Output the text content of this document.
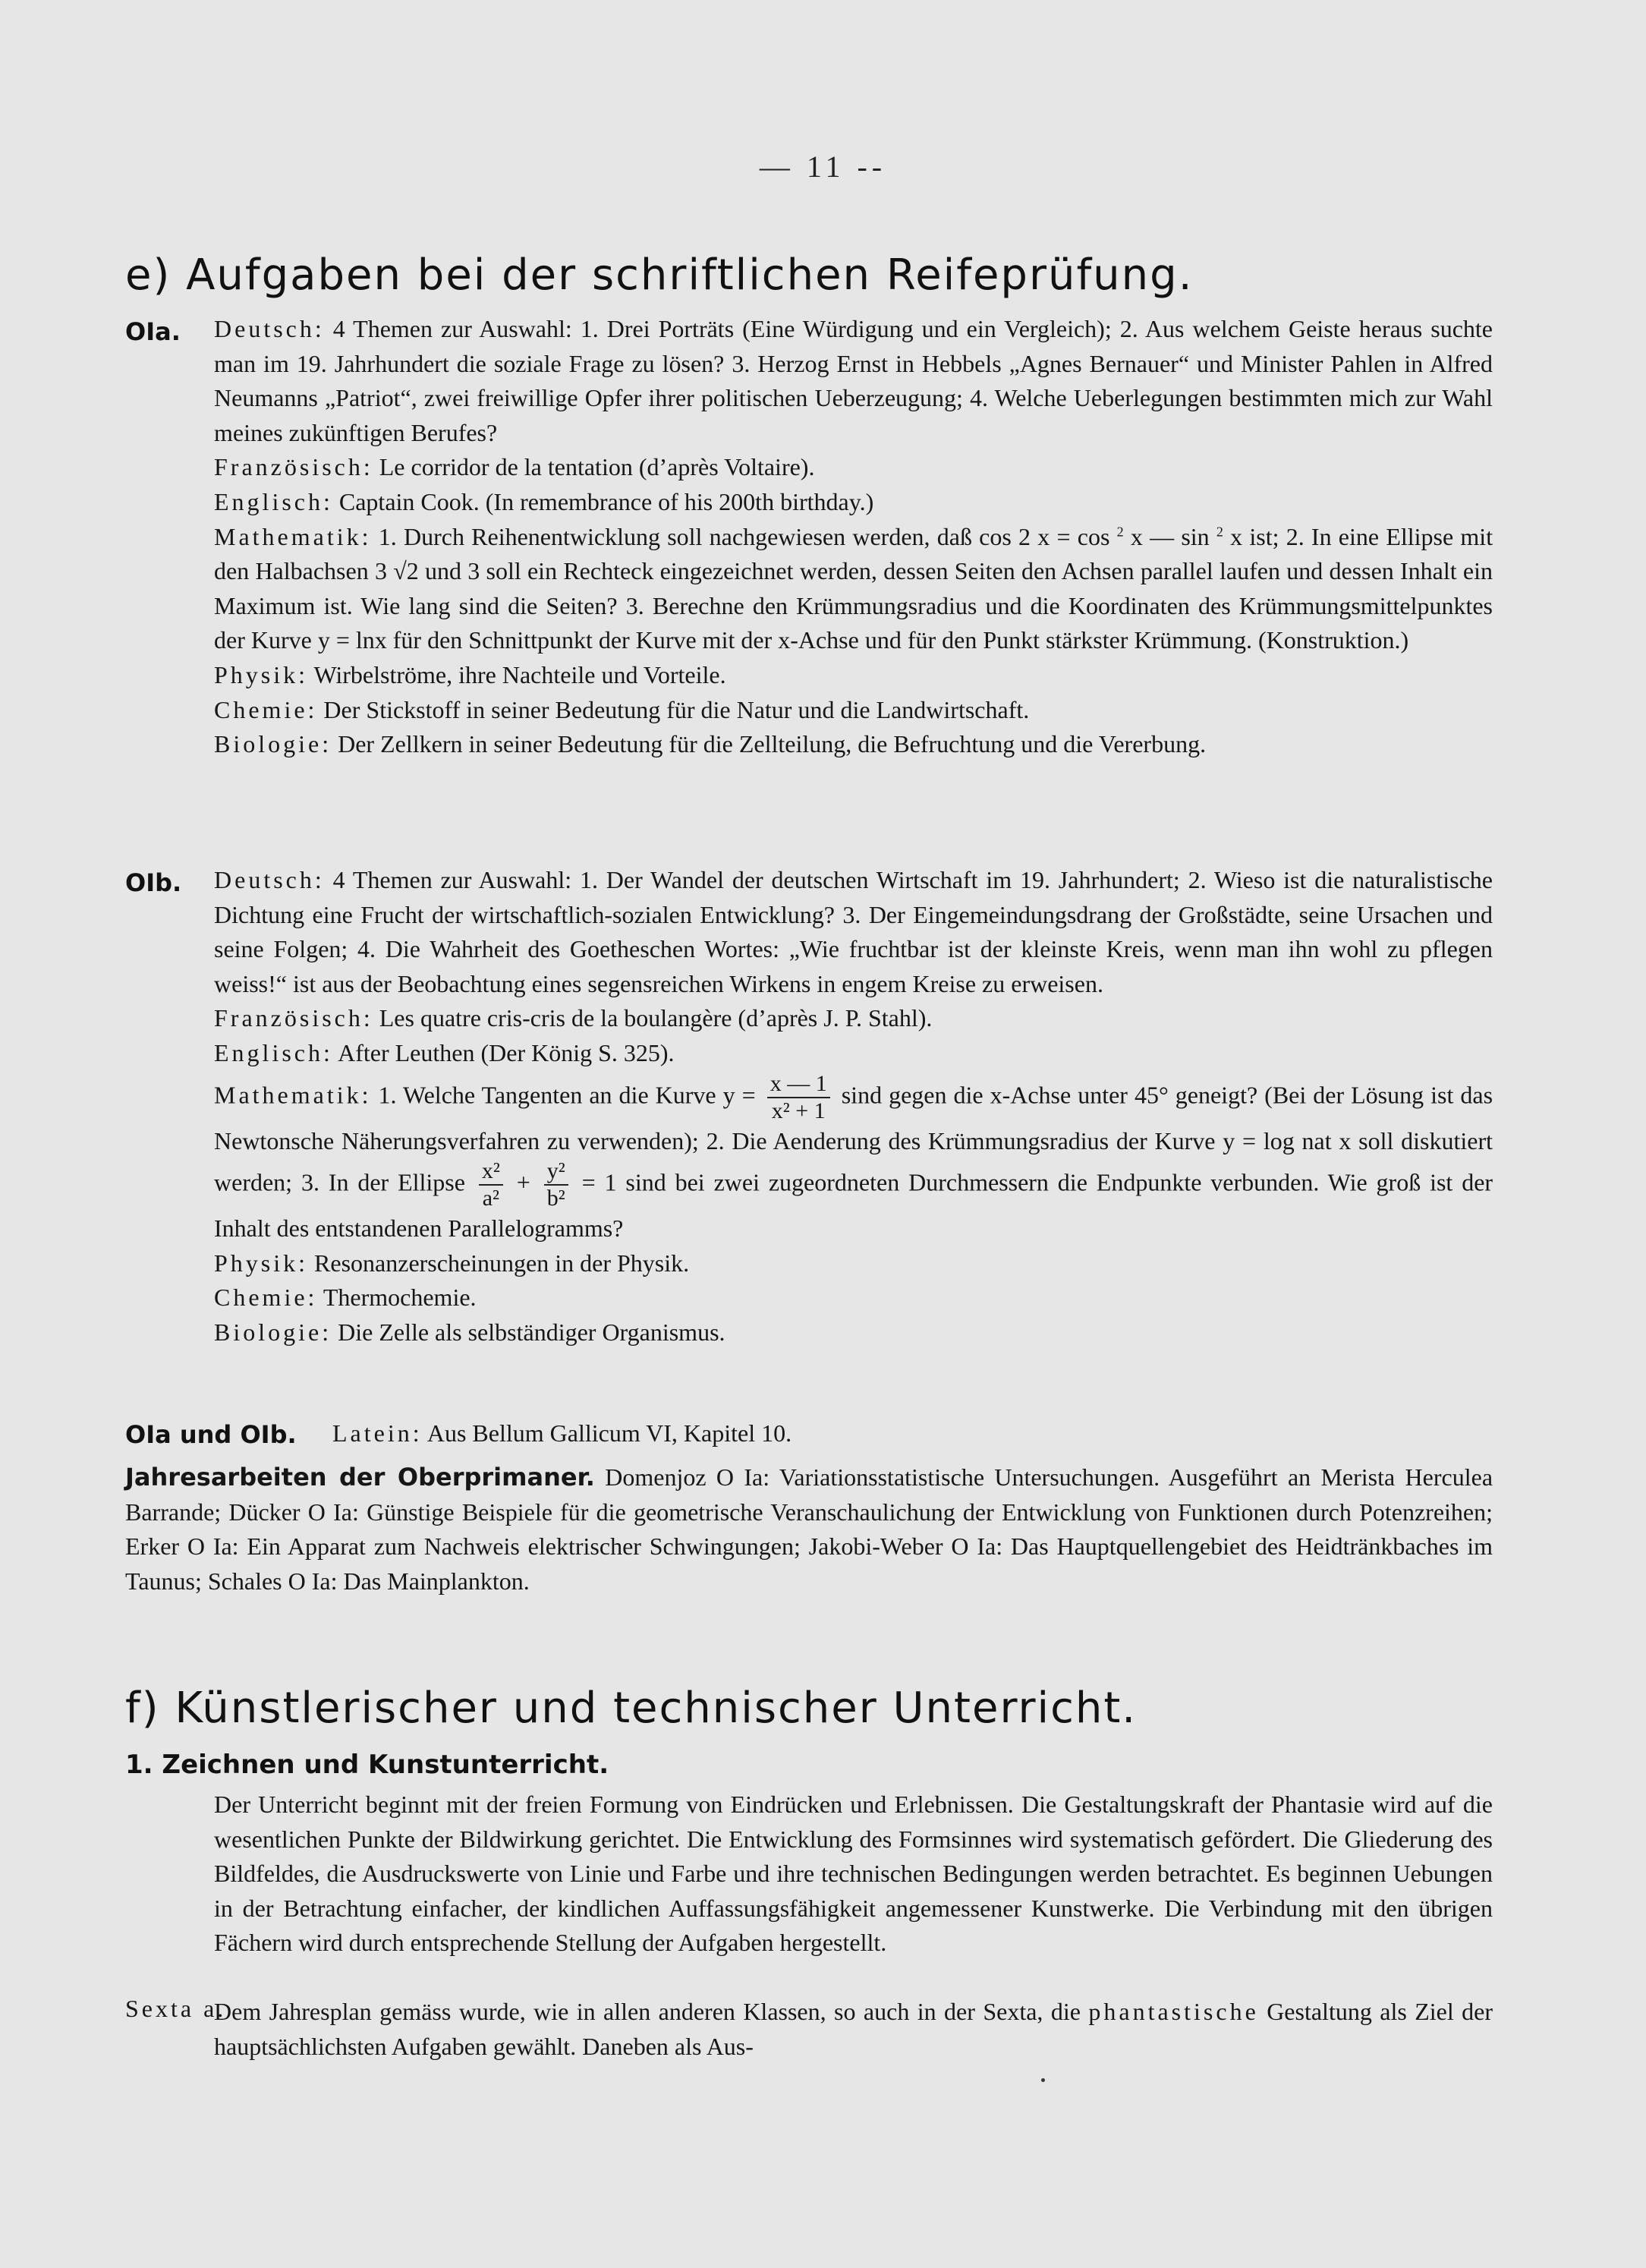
— 11 --
e) Aufgaben bei der schriftlichen Reifeprüfung.
OIa. Deutsch: 4 Themen zur Auswahl: 1. Drei Porträts (Eine Würdigung und ein Vergleich); 2. Aus welchem Geiste heraus suchte man im 19. Jahrhundert die soziale Frage zu lösen? 3. Herzog Ernst in Hebbels „Agnes Bernauer“ und Minister Pahlen in Alfred Neumanns „Patriot“, zwei freiwillige Opfer ihrer politischen Ueberzeugung; 4. Welche Ueberlegungen bestimmten mich zur Wahl meines zukünftigen Berufes?

Französisch: Le corridor de la tentation (d’après Voltaire).

Englisch: Captain Cook. (In remembrance of his 200th birthday.)

Mathematik: 1. Durch Reihenentwicklung soll nachgewiesen werden, daß cos 2 x = cos $^2$ x — sin $^2$ x ist; 2. In eine Ellipse mit den Halbachsen 3 √2 und 3 soll ein Rechteck eingezeichnet werden, dessen Seiten den Achsen parallel laufen und dessen Inhalt ein Maximum ist. Wie lang sind die Seiten? 3. Berechne den Krümmungsradius und die Koordinaten des Krümmungsmittelpunktes der Kurve y = lnx für den Schnittpunkt der Kurve mit der x-Achse und für den Punkt stärkster Krümmung. (Konstruktion.)

Physik: Wirbelströme, ihre Nachteile und Vorteile.

Chemie: Der Stickstoff in seiner Bedeutung für die Natur und die Landwirtschaft.

Biologie: Der Zellkern in seiner Bedeutung für die Zellteilung, die Befruchtung und die Vererbung.

OIb. Deutsch: 4 Themen zur Auswahl: 1. Der Wandel der deutschen Wirtschaft im 19. Jahrhundert; 2. Wieso ist die naturalistische Dichtung eine Frucht der wirtschaftlich-sozialen Entwicklung? 3. Der Eingemeindungsdrang der Großstädte, seine Ursachen und seine Folgen; 4. Die Wahrheit des Goetheschen Wortes: „Wie fruchtbar ist der kleinste Kreis, wenn man ihn wohl zu pflegen weiss!“ ist aus der Beobachtung eines segensreichen Wirkens in engem Kreise zu erweisen.

Französisch: Les quatre cris-cris de la boulangère (d’après J. P. Stahl).

Englisch: After Leuthen (Der König S. 325).

Mathematik: 1. Welche Tangenten an die Kurve $y = \frac{x — 1}{\text{x² + 1}}$ sind gegen die x-Achse unter 45° geneigt? (Bei der Lösung ist das Newtonsche Näherungsverfahren zu verwenden); 2. Die Aenderung des Krümmungsradius der Kurve y = log nat x soll diskutiert werden; 3. In der Ellipse $\frac{\text{x²}}{\text{a²}} + \frac{\text{y²}}{\text{b²}} = 1$ sind bei zwei zugeordneten Durchmessern die Endpunkte verbunden. Wie groß ist der Inhalt des entstandenen Parallelogramms?

Physik: Resonanzerscheinungen in der Physik.

Chemie: Thermochemie.

Biologie: Die Zelle als selbständiger Organismus.

OIa und OIb. Latein: Aus Bellum Gallicum VI, Kapitel 10.

Jahresarbeiten der Oberprimaner. Domenjoz O Ia: Variationsstatistische Untersuchungen. Ausgeführt an Merista Herculea Barrande; Dücker O Ia: Günstige Beispiele für die geometrische Veranschaulichung der Entwicklung von Funktionen durch Potenzreihen; Erker O Ia: Ein Apparat zum Nachweis elektrischer Schwingungen; Jakobi-Weber O Ia: Das Hauptquellengebiet des Heidtränkbaches im Taunus; Schales O Ia: Das Mainplankton.
f) Künstlerischer und technischer Unterricht.
1. Zeichnen und Kunstunterricht.

Der Unterricht beginnt mit der freien Formung von Eindrücken und Erlebnissen. Die Gestaltungskraft der Phantasie wird auf die wesentlichen Punkte der Bildwirkung gerichtet. Die Entwicklung des Formsinnes wird systematisch gefördert. Die Gliederung des Bildfeldes, die Ausdruckswerte von Linie und Farbe und ihre technischen Bedingungen werden betrachtet. Es beginnen Uebungen in der Betrachtung einfacher, der kindlichen Auffassungsfähigkeit angemessener Kunstwerke. Die Verbindung mit den übrigen Fächern wird durch entsprechende Stellung der Aufgaben hergestellt.

Sexta a.

Dem Jahresplan gemäss wurde, wie in allen anderen Klassen, so auch in der Sexta, die phantastische Gestaltung als Ziel der hauptsächlichsten Aufgaben gewählt. Daneben als Aus-
